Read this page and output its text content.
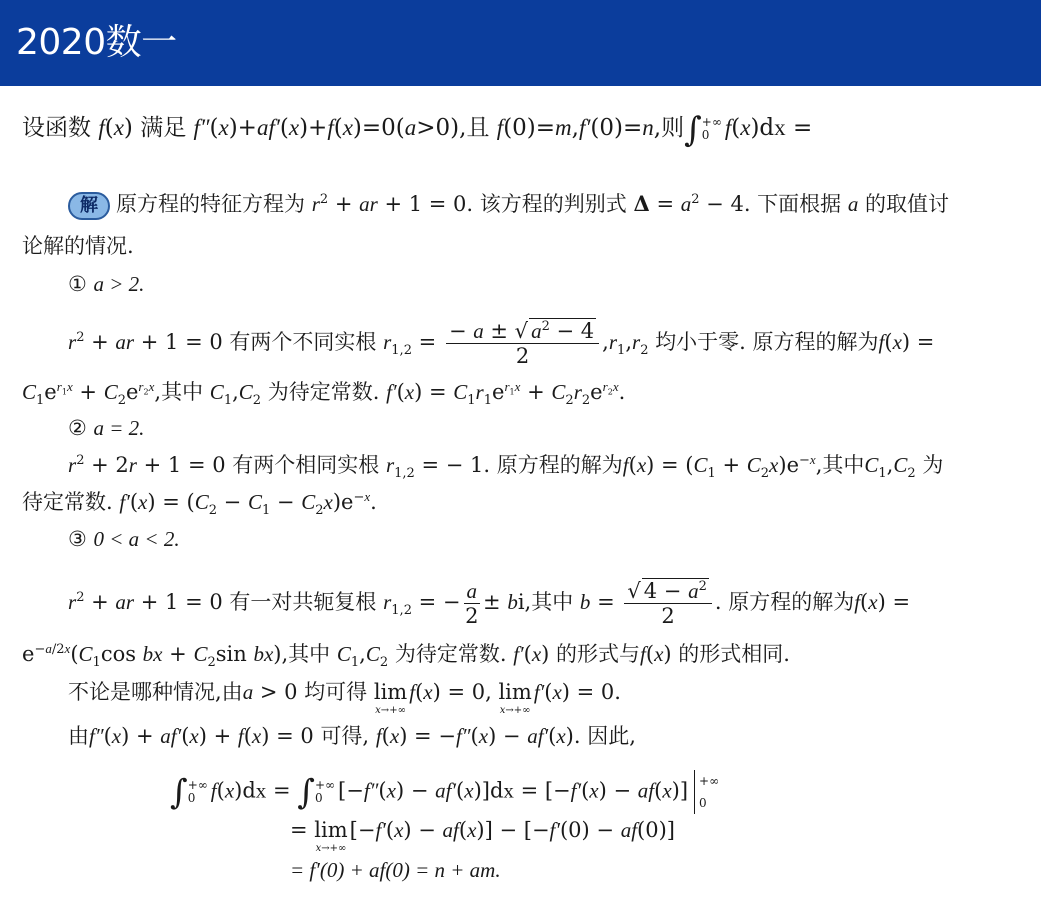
2020数一
设函数 f(x) 满足 f″(x)+af′(x)+f(x)=0(a>0),且 f(0)=m,f′(0)=n,则∫ +∞
0 f(x)dx =
解 原方程的特征方程为 $r^2$ + ar + 1 = 0. 该方程的判别式 $\Delta = a^2 - 4$. 下面根据 a 的取值讨
论解的情况.
① a > 2.
$r^2$ + ar + 1 = 0 有两个不同实根 $r_{1,2} = \frac{- a \pm √ a^2 - 4}{2} ,r_1,r_2$ 均小于零. 原方程的解为f(x) =
$C_1e^{r_1x} + C_2e^{r_2x}$,其中 $C_1,C_2$ 为待定常数. $f'(x) = C_1r_1e^{r_1x} + C_2r_2e^{r_2x}$.
② a = 2.
$r^2 + 2r + 1 = 0$ 有两个相同实根 $r_{1,2}$ = − 1. 原方程的解为$f(x) = (C_1 + C_2x)e^{-x}$,其中$C_1,C_2$ 为
待定常数. $f'(x) = (C_2 - C_1 - C_2x)e^{-x}$.
③ 0 < a < 2.
$r^2$ + ar + 1 = 0 有一对共轭复根 $r_{1,2}$ = − $\frac{a}{2}$ ± bi,其中 $b = \frac{√ 4 - a^2}{2}$ . 原方程的解为f(x) =
$e^{-a/2x}(C_1\cos$ bx + $C_2\sin$ bx),其中 $C_1,C_2$ 为待定常数. f′(x) 的形式与f(x) 的形式相同.
不论是哪种情况,由a > 0 均可得 lim
x→+∞
f(x) = 0, lim
x→+∞
f′(x) = 0.
由f″(x) + af′(x) + f(x) = 0 可得, f(x) = −f″(x) − af′(x). 因此,
∫ +∞
0 f(x)dx = ∫ +∞
0 [−f″(x) − af′(x)]dx = [−f′(x) − af(x)] +∞
0
= lim
x→+∞
[−f′(x) − af(x)] − [−f′(0) − af(0)]
= f′(0) + af(0) = n + am.
